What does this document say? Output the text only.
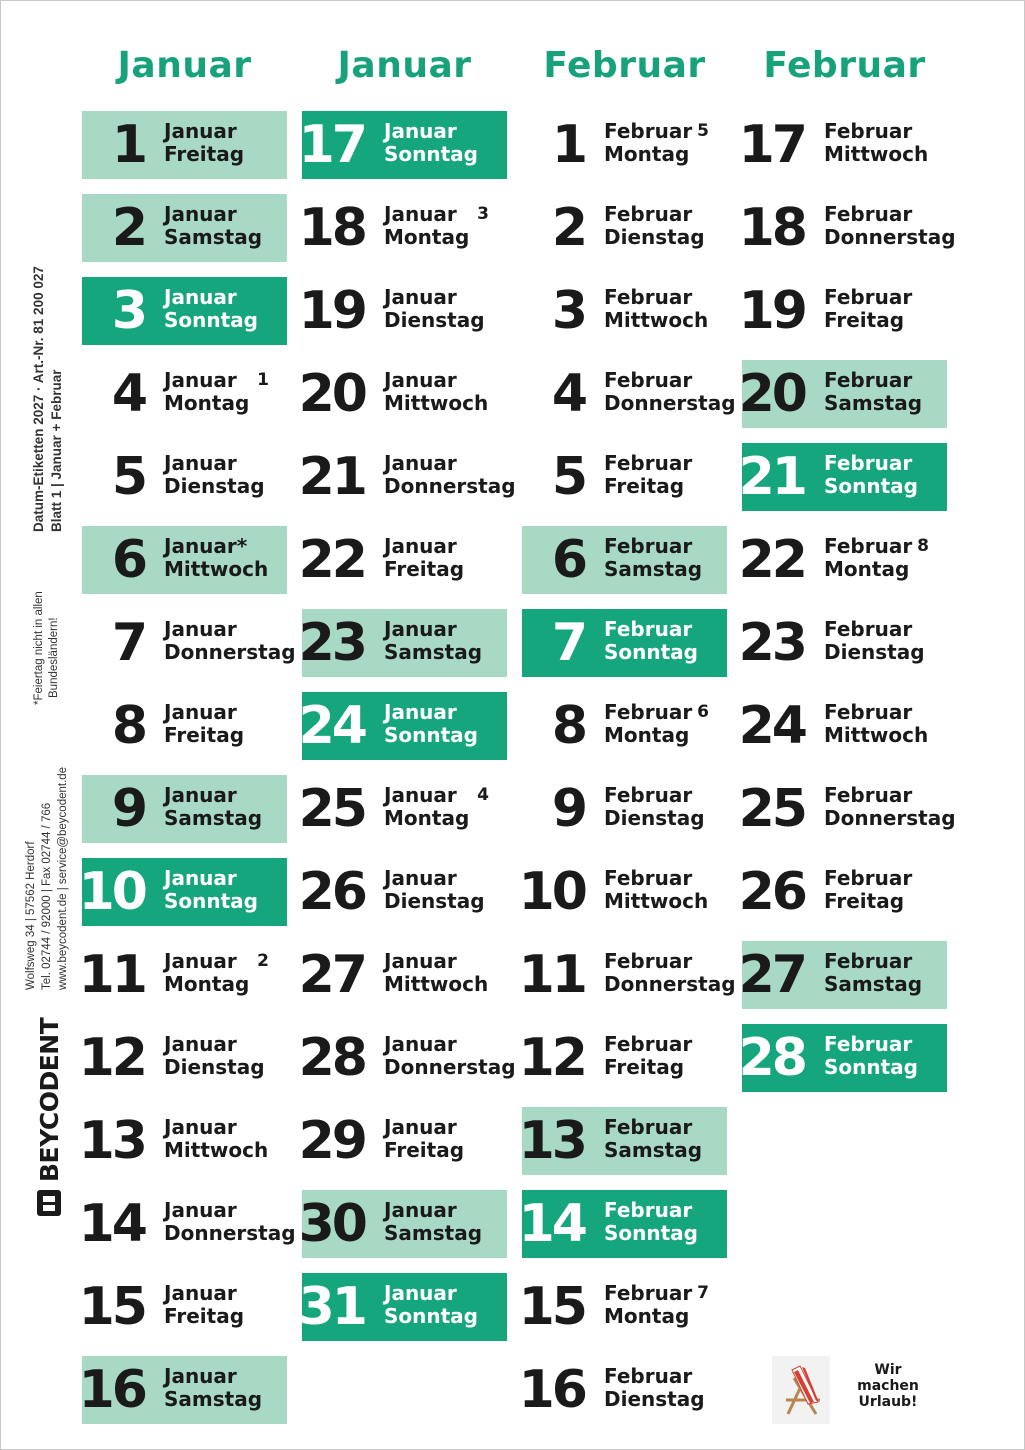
Datum-Etiketten 2027 · Art.-Nr. 81 200 027 Blatt 1 | Januar + Februar
*Feiertag nicht in allen Bundesländern!
Wolfsweg 34 | 57562 Herdorf Tel. 02744 / 92000 | Fax 02744 / 766 www.beycodent.de | service@beycodent.de
BEYCODENT
Januar
1 Januar
Freitag
2 Januar
Samstag
3 Januar
Sonntag
4 Januar
Montag
1
5 Januar
Dienstag
6 Januar*
Mittwoch
7 Januar
Donnerstag
8 Januar
Freitag
9 Januar
Samstag
10 Januar
Sonntag
11 Januar
Montag
2
12 Januar
Dienstag
13 Januar
Mittwoch
14 Januar
Donnerstag
15 Januar
Freitag
16 Januar
Samstag
Januar
17 Januar
Sonntag
18 Januar
Montag
3
19 Januar
Dienstag
20 Januar
Mittwoch
21 Januar
Donnerstag
22 Januar
Freitag
23 Januar
Samstag
24 Januar
Sonntag
25 Januar
Montag
4
26 Januar
Dienstag
27 Januar
Mittwoch
28 Januar
Donnerstag
29 Januar
Freitag
30 Januar
Samstag
31 Januar
Sonntag
Februar
1 Februar
Montag
5
2 Februar
Dienstag
3 Februar
Mittwoch
4 Februar
Donnerstag
5 Februar
Freitag
6 Februar
Samstag
7 Februar
Sonntag
8 Februar
Montag
6
9 Februar
Dienstag
10 Februar
Mittwoch
11 Februar
Donnerstag
12 Februar
Freitag
13 Februar
Samstag
14 Februar
Sonntag
15 Februar
Montag
7
16 Februar
Dienstag
Februar
17 Februar
Mittwoch
18 Februar
Donnerstag
19 Februar
Freitag
20 Februar
Samstag
21 Februar
Sonntag
22 Februar
Montag
8
23 Februar
Dienstag
24 Februar
Mittwoch
25 Februar
Donnerstag
26 Februar
Freitag
27 Februar
Samstag
28 Februar
Sonntag
Wir
machen
Urlaub!
